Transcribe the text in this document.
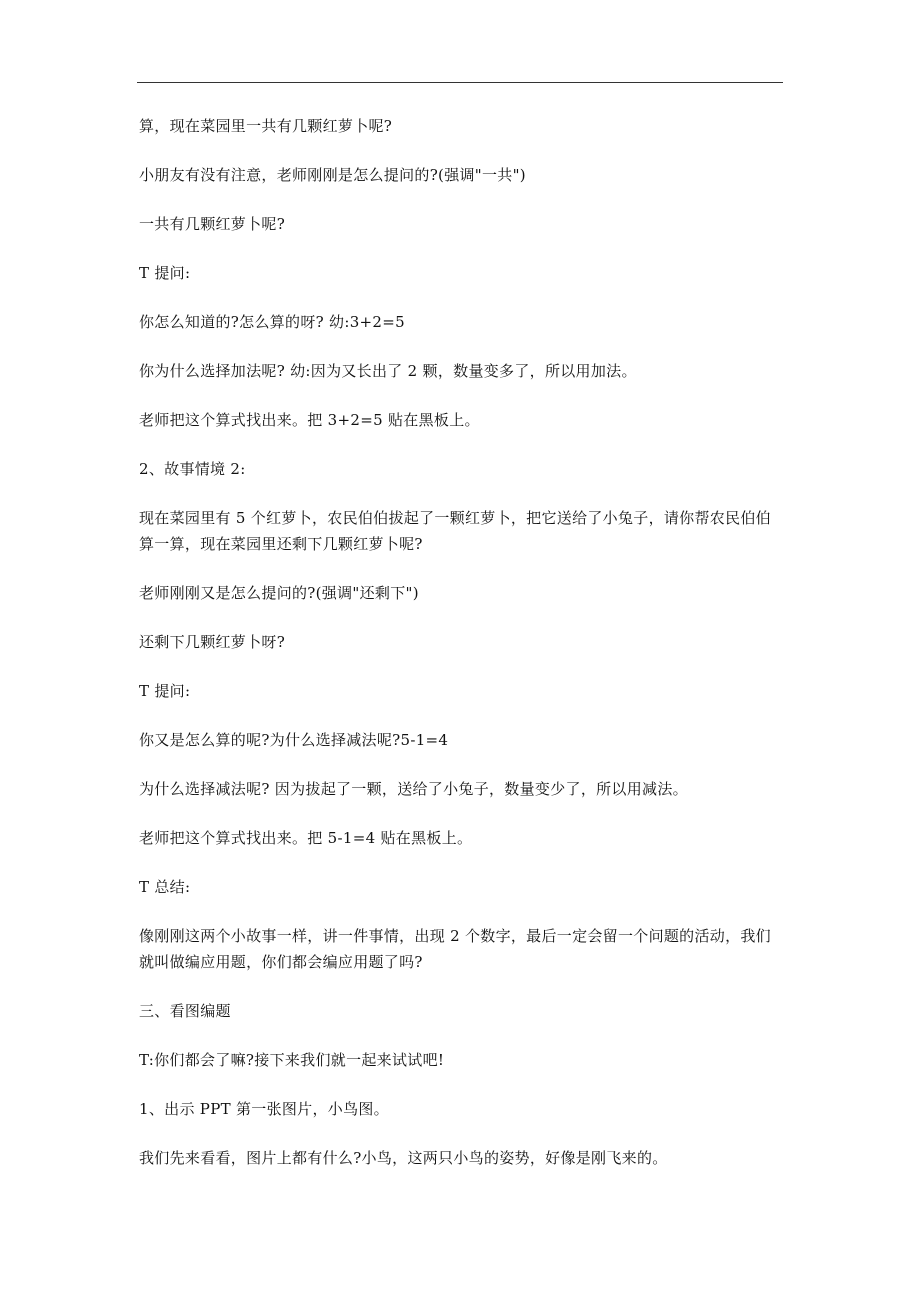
算，现在菜园里一共有几颗红萝卜呢?

小朋友有没有注意，老师刚刚是怎么提问的?(强调"一共")

一共有几颗红萝卜呢?

T 提问:

你怎么知道的?怎么算的呀? 幼:3+2=5

你为什么选择加法呢? 幼:因为又长出了 2 颗，数量变多了，所以用加法。

老师把这个算式找出来。把 3+2=5 贴在黑板上。

2、故事情境 2:

现在菜园里有 5 个红萝卜，农民伯伯拔起了一颗红萝卜，把它送给了小兔子，请你帮农民伯伯算一算，现在菜园里还剩下几颗红萝卜呢?

老师刚刚又是怎么提问的?(强调"还剩下")

还剩下几颗红萝卜呀?

T 提问:

你又是怎么算的呢?为什么选择减法呢?5-1=4

为什么选择减法呢? 因为拔起了一颗，送给了小兔子，数量变少了，所以用减法。

老师把这个算式找出来。把 5-1=4 贴在黑板上。

T 总结:

像刚刚这两个小故事一样，讲一件事情，出现 2 个数字，最后一定会留一个问题的活动，我们就叫做编应用题，你们都会编应用题了吗?

三、看图编题

T:你们都会了嘛?接下来我们就一起来试试吧!

1、出示 PPT 第一张图片，小鸟图。

我们先来看看，图片上都有什么?小鸟，这两只小鸟的姿势，好像是刚飞来的。
